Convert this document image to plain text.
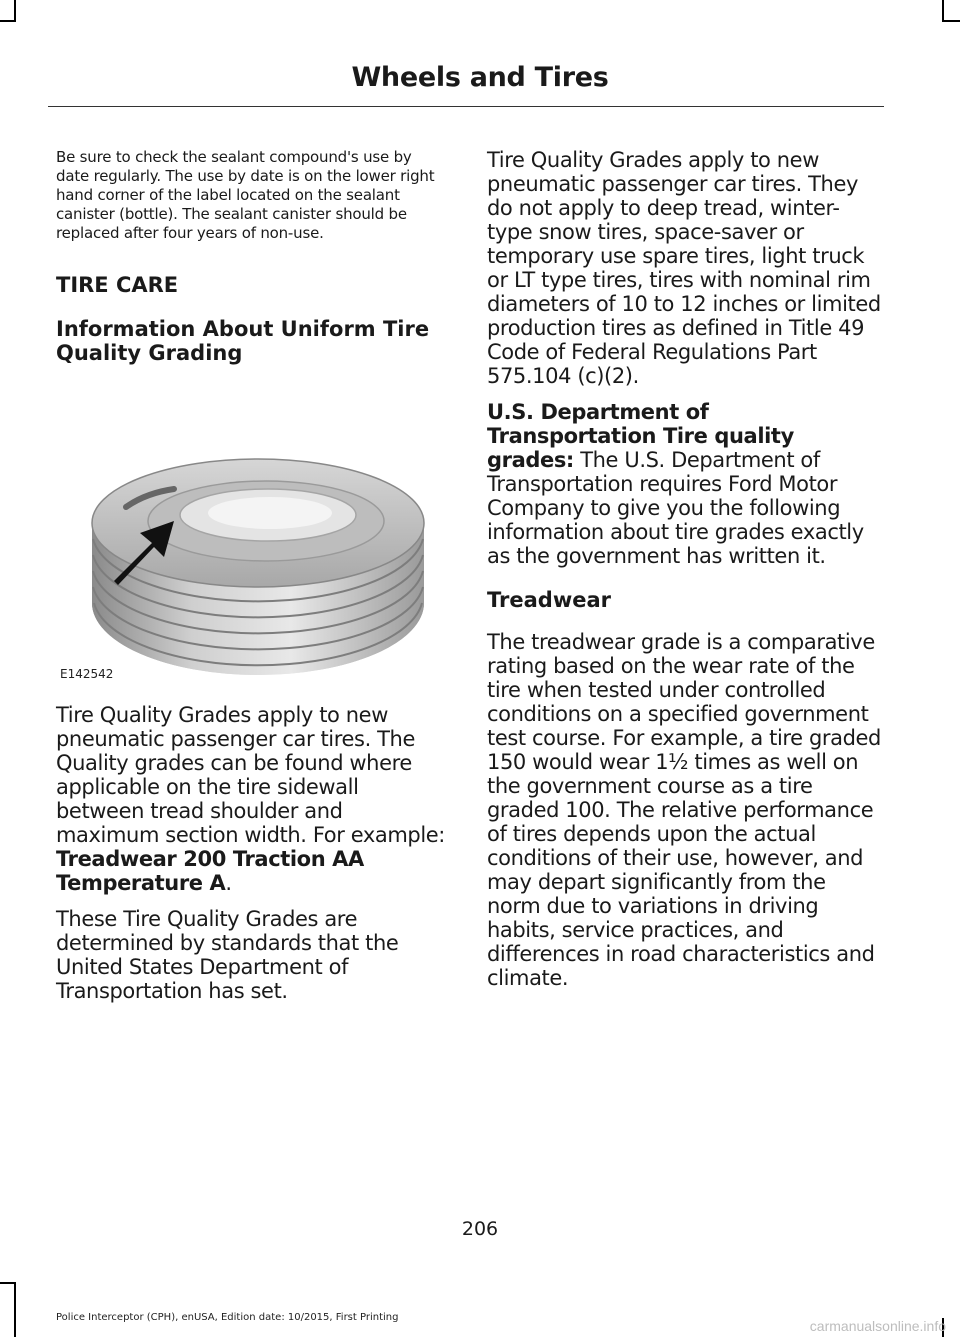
Wheels and Tires

Be sure to check the sealant compound's use by date regularly. The use by date is on the lower right hand corner of the label located on the sealant canister (bottle). The sealant canister should be replaced after four years of non-use.

TIRE CARE

Information About Uniform Tire Quality Grading

E142542

Tire Quality Grades apply to new pneumatic passenger car tires. The Quality grades can be found where applicable on the tire sidewall between tread shoulder and maximum section width. For example: Treadwear 200 Traction AA Temperature A.

These Tire Quality Grades are determined by standards that the United States Department of Transportation has set.

Tire Quality Grades apply to new pneumatic passenger car tires. They do not apply to deep tread, winter-type snow tires, space-saver or temporary use spare tires, light truck or LT type tires, tires with nominal rim diameters of 10 to 12 inches or limited production tires as defined in Title 49 Code of Federal Regulations Part 575.104 (c)(2).

U.S. Department of Transportation Tire quality grades: The U.S. Department of Transportation requires Ford Motor Company to give you the following information about tire grades exactly as the government has written it.

Treadwear

The treadwear grade is a comparative rating based on the wear rate of the tire when tested under controlled conditions on a specified government test course. For example, a tire graded 150 would wear 1½ times as well on the government course as a tire graded 100. The relative performance of tires depends upon the actual conditions of their use, however, and may depart significantly from the norm due to variations in driving habits, service practices, and differences in road characteristics and climate.

206
Police Interceptor (CPH), enUSA, Edition date: 10/2015, First Printing
carmanualsonline.info
